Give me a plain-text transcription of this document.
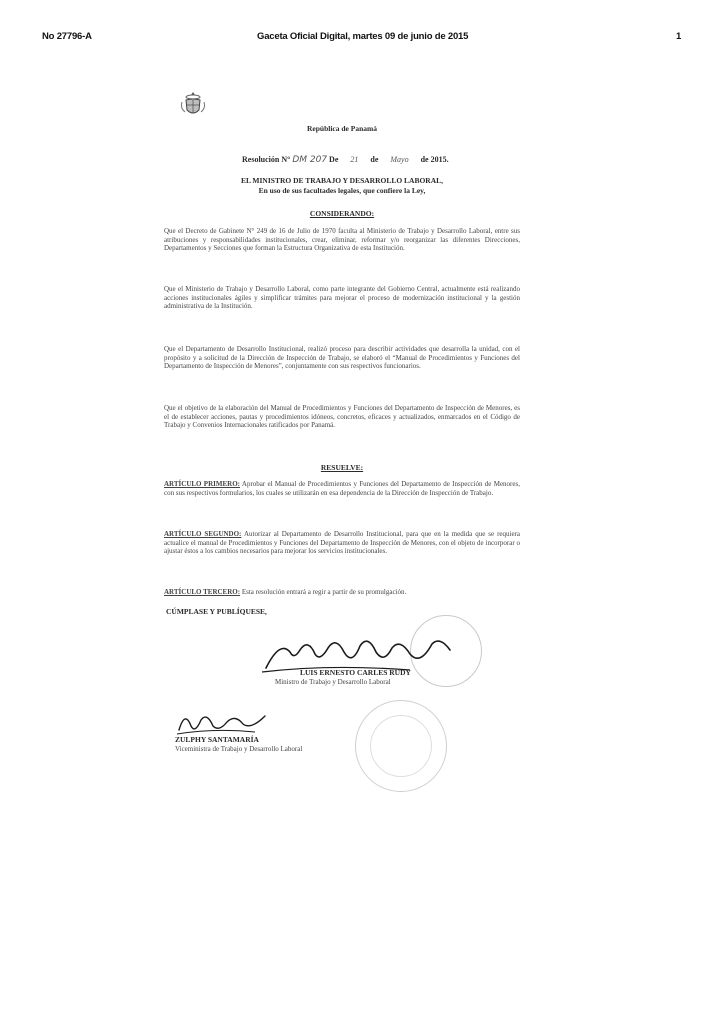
No 27796-A	Gaceta Oficial Digital, martes 09 de junio de 2015	1
República de Panamá
Resolución N° DM 207 De 21 de Mayo de 2015.
EL MINISTRO DE TRABAJO Y DESARROLLO LABORAL,
En uso de sus facultades legales, que confiere la Ley,
CONSIDERANDO:
Que el Decreto de Gabinete N° 249 de 16 de Julio de 1970 faculta al Ministerio de Trabajo y Desarrollo Laboral, entre sus atribuciones y responsabilidades institucionales, crear, eliminar, reformar y/o reorganizar las diferentes Direcciones, Departamentos y Secciones que forman la Estructura Organizativa de esta Institución.
Que el Ministerio de Trabajo y Desarrollo Laboral, como parte integrante del Gobierno Central, actualmente está realizando acciones institucionales ágiles y simplificar trámites para mejorar el proceso de modernización institucional y la gestión administrativa de la Institución.
Que el Departamento de Desarrollo Institucional, realizó proceso para describir actividades que desarrolla la unidad, con el propósito y a solicitud de la Dirección de Inspección de Trabajo, se elaboró el “Manual de Procedimientos y Funciones del Departamento de Inspección de Menores”, conjuntamente con sus respectivos funcionarios.
Que el objetivo de la elaboración del Manual de Procedimientos y Funciones del Departamento de Inspección de Menores, es el de establecer acciones, pautas y procedimientos idóneos, concretos, eficaces y actualizados, enmarcados en el Código de Trabajo y Convenios Internacionales ratificados por Panamá.
RESUELVE:
ARTÍCULO PRIMERO: Aprobar el Manual de Procedimientos y Funciones del Departamento de Inspección de Menores, con sus respectivos formularios, los cuales se utilizarán en esa dependencia de la Dirección de Inspección de Trabajo.
ARTÍCULO SEGUNDO: Autorizar al Departamento de Desarrollo Institucional, para que en la medida que se requiera actualice el manual de Procedimientos y Funciones del Departamento de Inspección de Menores, con el objeto de incorporar o ajustar éstos a los cambios necesarios para mejorar los servicios institucionales.
ARTÍCULO TERCERO: Esta resolución entrará a regir a partir de su promulgación.
CÚMPLASE Y PUBLÍQUESE,
LUIS ERNESTO CARLES RUDY
Ministro de Trabajo y Desarrollo Laboral
ZULPHY SANTAMARÍA
Viceministra de Trabajo y Desarrollo Laboral
